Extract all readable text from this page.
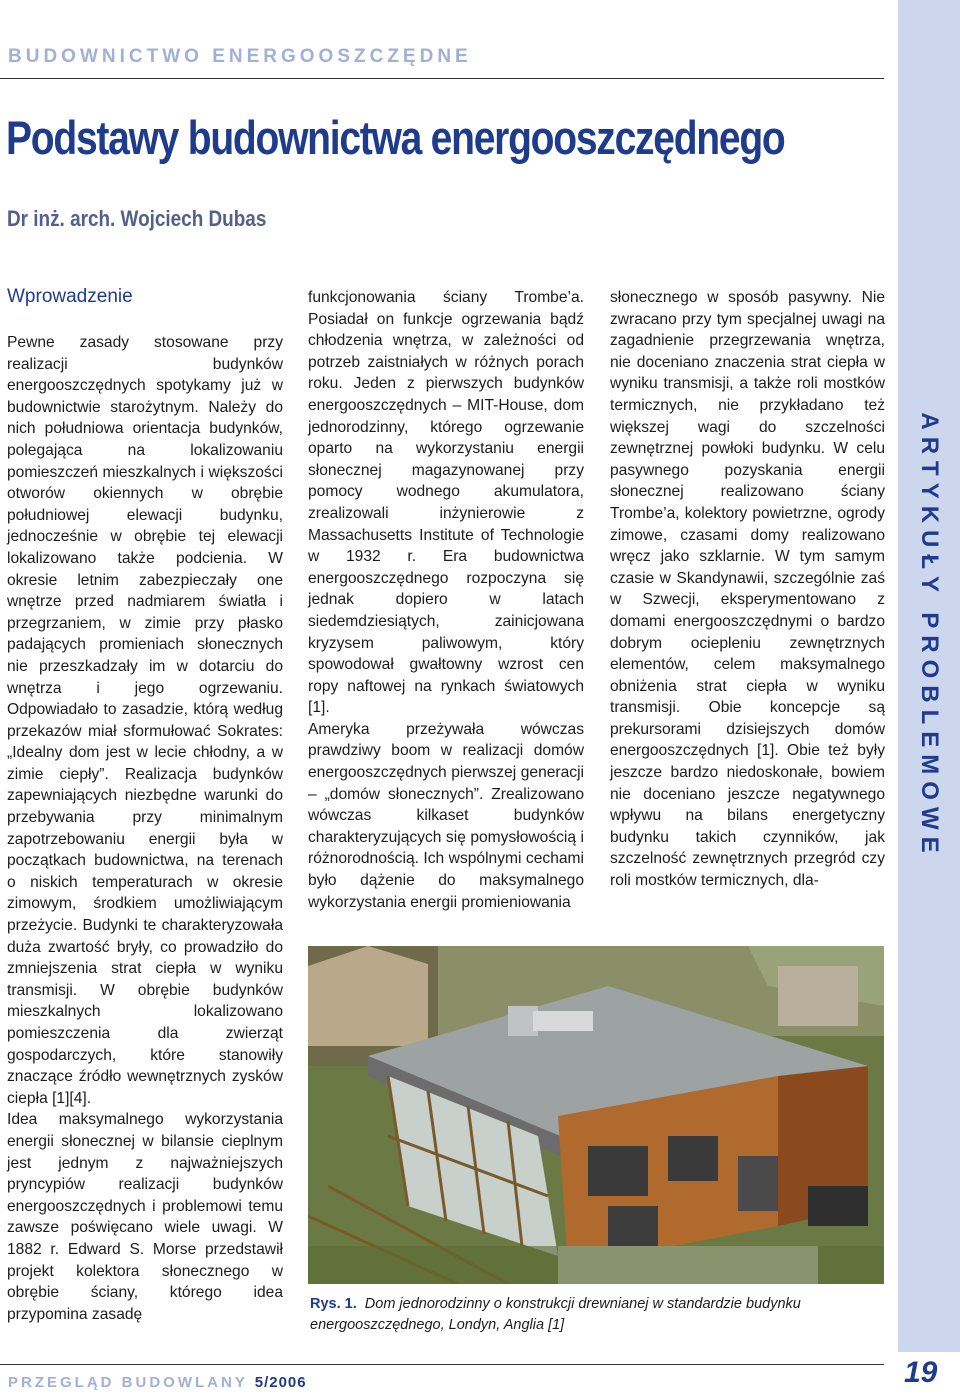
BUDOWNICTWO ENERGOOSZCZĘDNE
Podstawy budownictwa energooszczędnego
Dr inż. arch. Wojciech Dubas
Wprowadzenie

Pewne zasady stosowane przy realizacji budynków energooszczędnych spotykamy już w budownictwie starożytnym. Należy do nich południowa orientacja budynków, polegająca na lokalizowaniu pomieszczeń mieszkalnych i większości otworów okiennych w obrębie południowej elewacji budynku, jednocześnie w obrębie tej elewacji lokalizowano także podcienia. W okresie letnim zabezpieczały one wnętrze przed nadmiarem światła i przegrzaniem, w zimie przy płasko padających promieniach słonecznych nie przeszkadzały im w dotarciu do wnętrza i jego ogrzewaniu. Odpowiadało to zasadzie, którą według przekazów miał sformułować Sokrates: „Idealny dom jest w lecie chłodny, a w zimie ciepły”. Realizacja budynków zapewniających niezbędne warunki do przebywania przy minimalnym zapotrzebowaniu energii była w początkach budownictwa, na terenach o niskich temperaturach w okresie zimowym, środkiem umożliwiającym przeżycie. Budynki te charakteryzowała duża zwartość bryły, co prowadziło do zmniejszenia strat ciepła w wyniku transmisji. W obrębie budynków mieszkalnych lokalizowano pomieszczenia dla zwierząt gospodarczych, które stanowiły znaczące źródło wewnętrznych zysków ciepła [1][4].

Idea maksymalnego wykorzystania energii słonecznej w bilansie cieplnym jest jednym z najważniejszych pryncypiów realizacji budynków energooszczędnych i problemowi temu zawsze poświęcano wiele uwagi. W 1882 r. Edward S. Morse przedstawił projekt kolektora słonecznego w obrębie ściany, którego idea przypomina zasadę

funkcjonowania ściany Trombe’a. Posiadał on funkcje ogrzewania bądź chłodzenia wnętrza, w zależności od potrzeb zaistniałych w różnych porach roku. Jeden z pierwszych budynków energooszczędnych – MIT-House, dom jednorodzinny, którego ogrzewanie oparto na wykorzystaniu energii słonecznej magazynowanej przy pomocy wodnego akumulatora, zrealizowali inżynierowie z Massachusetts Institute of Technologie w 1932 r. Era budownictwa energooszczędnego rozpoczyna się jednak dopiero w latach siedemdziesiątych, zainicjowana kryzysem paliwowym, który spowodował gwałtowny wzrost cen ropy naftowej na rynkach światowych [1].

Ameryka przeżywała wówczas prawdziwy boom w realizacji domów energooszczędnych pierwszej generacji – „domów słonecznych”. Zrealizowano wówczas kilkaset budynków charakteryzujących się pomysłowością i różnorodnością. Ich wspólnymi cechami było dążenie do maksymalnego wykorzystania energii promieniowania

słonecznego w sposób pasywny. Nie zwracano przy tym specjalnej uwagi na zagadnienie przegrzewania wnętrza, nie doceniano znaczenia strat ciepła w wyniku transmisji, a także roli mostków termicznych, nie przykładano też większej wagi do szczelności zewnętrznej powłoki budynku. W celu pasywnego pozyskania energii słonecznej realizowano ściany Trombe’a, kolektory powietrzne, ogrody zimowe, czasami domy realizowano wręcz jako szklarnie. W tym samym czasie w Skandynawii, szczególnie zaś w Szwecji, eksperymentowano z domami energooszczędnymi o bardzo dobrym ociepleniu zewnętrznych elementów, celem maksymalnego obniżenia strat ciepła w wyniku transmisji. Obie koncepcje są prekursorami dzisiejszych domów energooszczędnych [1]. Obie też były jeszcze bardzo niedoskonałe, bowiem nie doceniano jeszcze negatywnego wpływu na bilans energetyczny budynku takich czynników, jak szczelność zewnętrznych przegród czy roli mostków termicznych, dla-

Rys. 1. Dom jednorodzinny o konstrukcji drewnianej w standardzie budynku energooszczędnego, Londyn, Anglia [1]
ARTYKUŁY PROBLEMOWE
PRZEGLĄD BUDOWLANY 5/2006	19
